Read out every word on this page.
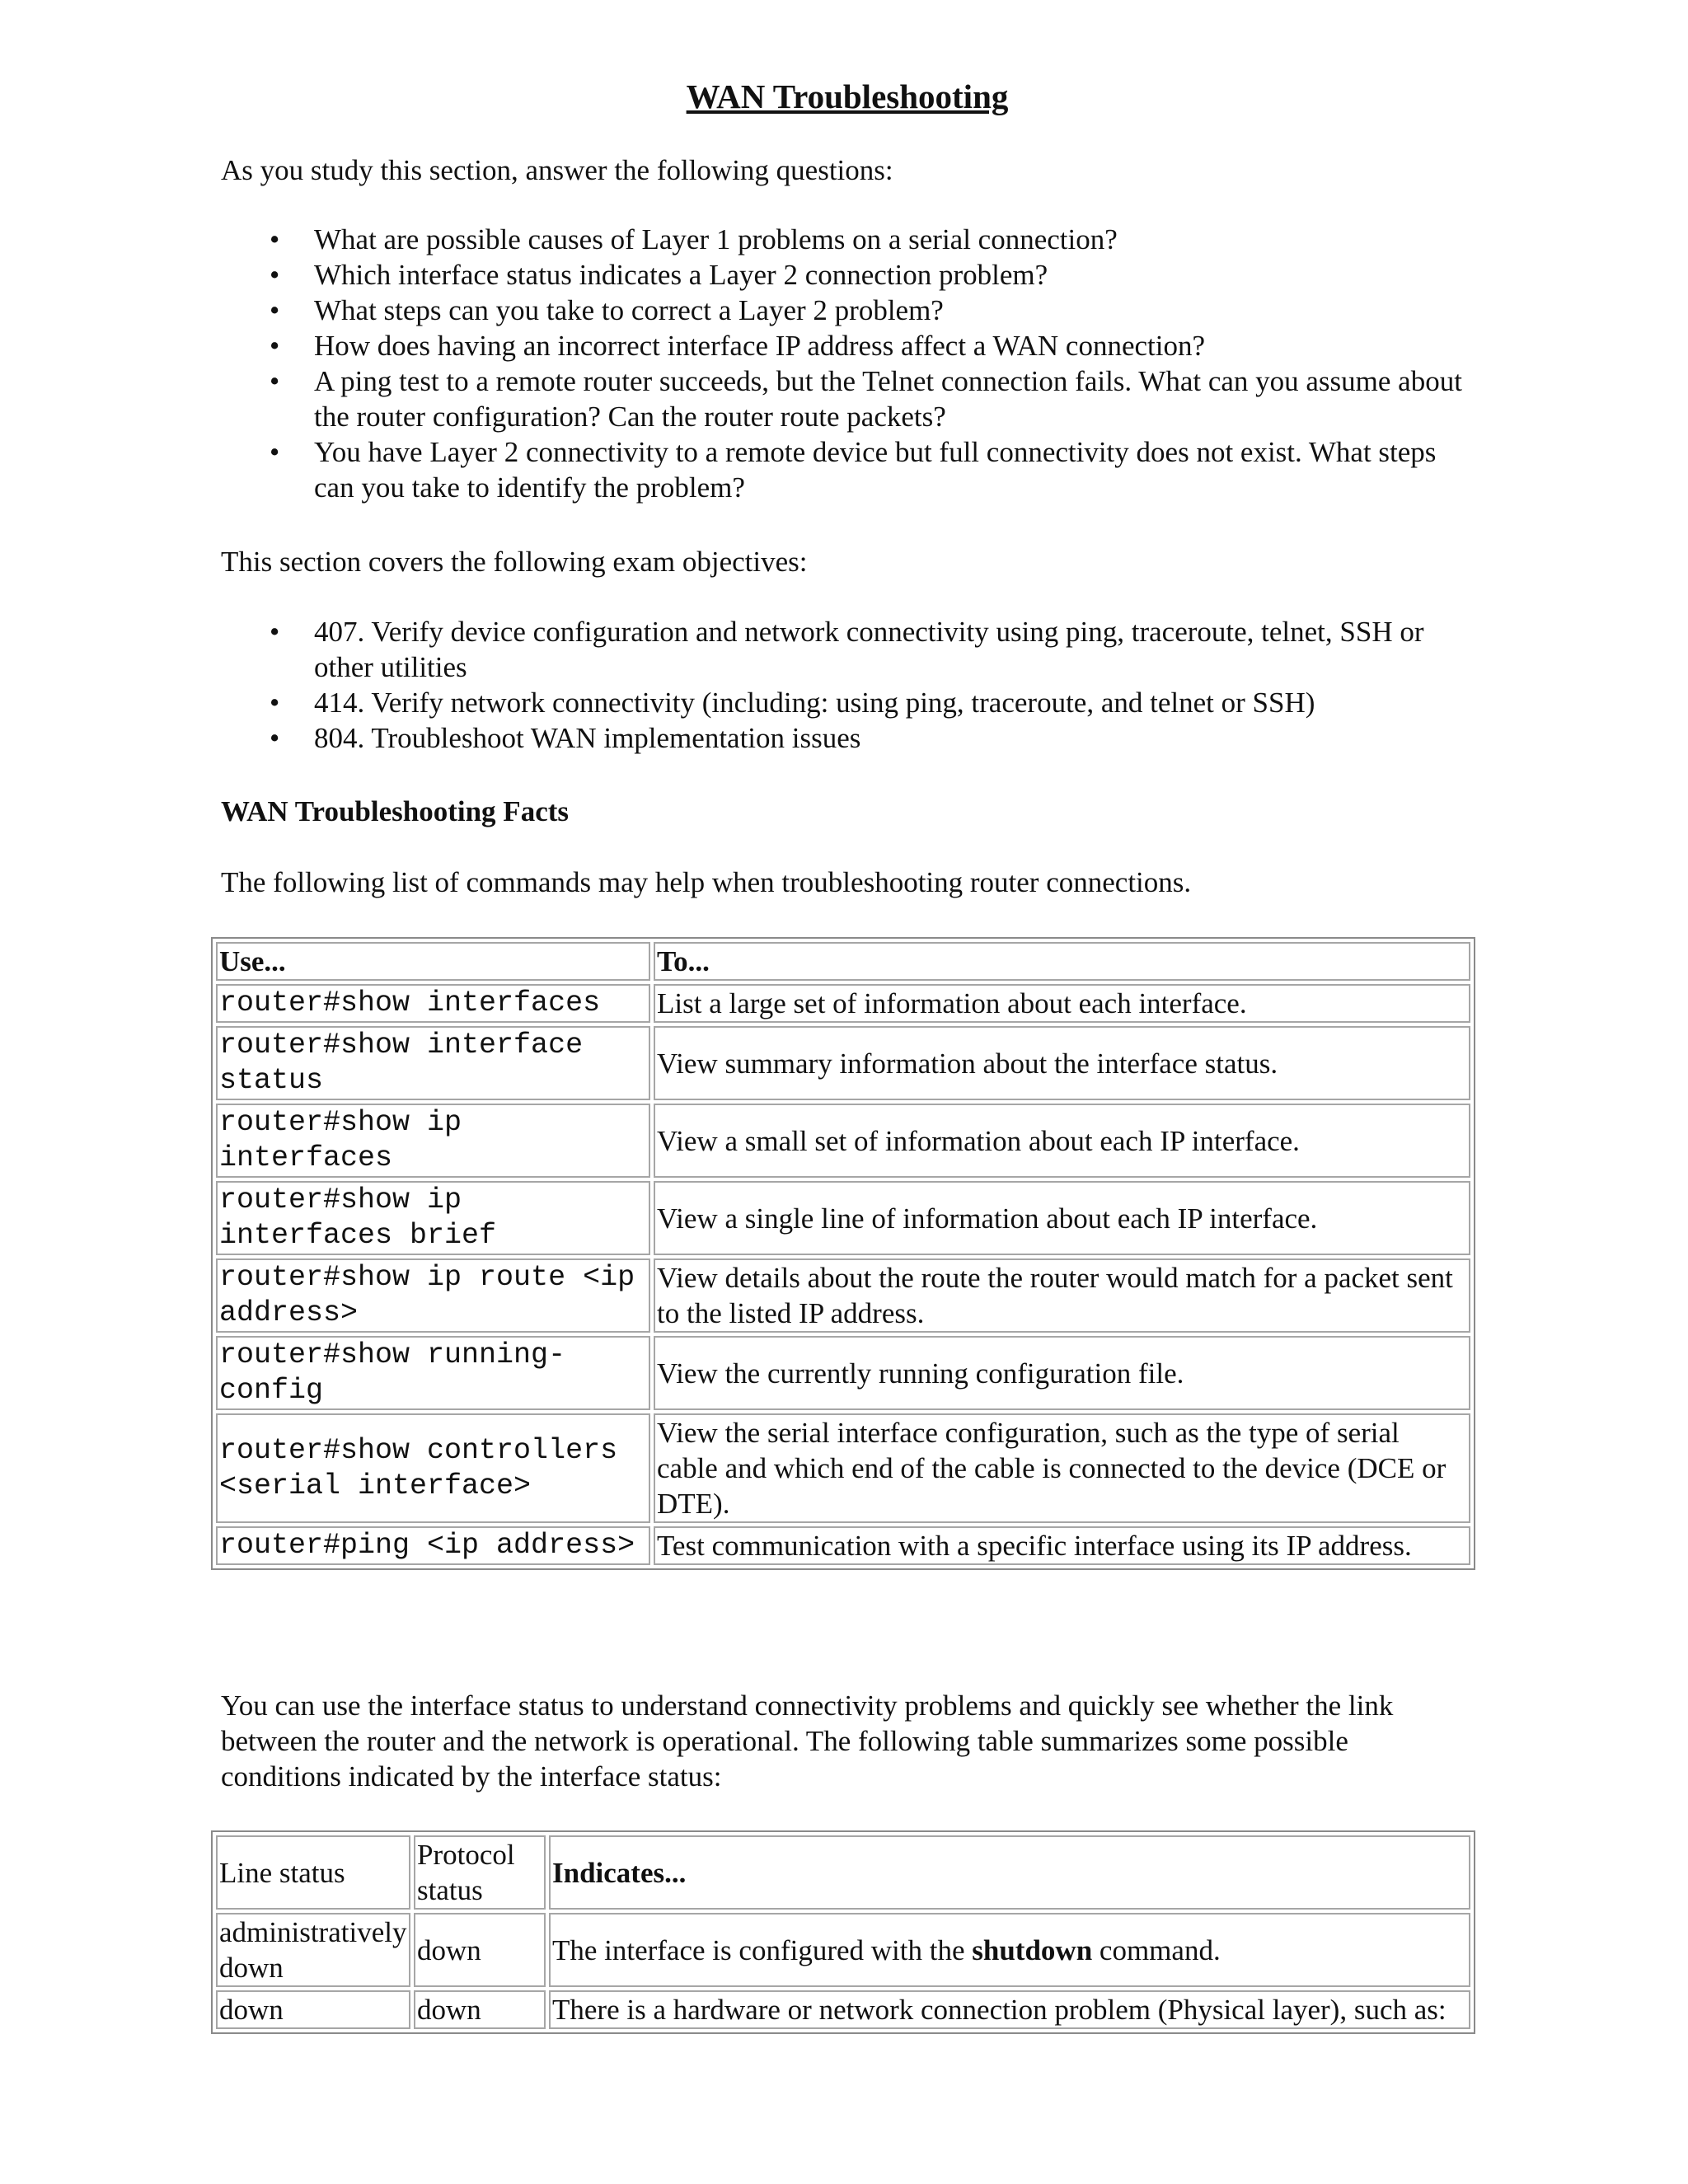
WAN Troubleshooting

As you study this section, answer the following questions:

• What are possible causes of Layer 1 problems on a serial connection?
• Which interface status indicates a Layer 2 connection problem?
• What steps can you take to correct a Layer 2 problem?
• How does having an incorrect interface IP address affect a WAN connection?
• A ping test to a remote router succeeds, but the Telnet connection fails. What can you assume about the router configuration? Can the router route packets?
• You have Layer 2 connectivity to a remote device but full connectivity does not exist. What steps can you take to identify the problem?

This section covers the following exam objectives:

• 407. Verify device configuration and network connectivity using ping, traceroute, telnet, SSH or other utilities
• 414. Verify network connectivity (including: using ping, traceroute, and telnet or SSH)
• 804. Troubleshoot WAN implementation issues
WAN Troubleshooting Facts

The following list of commands may help when troubleshooting router connections.

Use...	To...
router#show interfaces	List a large set of information about each interface.
router#show interface status	View summary information about the interface status.
router#show ip interfaces	View a small set of information about each IP interface.
router#show ip interfaces brief	View a single line of information about each IP interface.
router#show ip route <ip address>	View details about the route the router would match for a packet sent to the listed IP address.
router#show running-config	View the currently running configuration file.
router#show controllers <serial interface>	View the serial interface configuration, such as the type of serial cable and which end of the cable is connected to the device (DCE or DTE).
router#ping <ip address>	Test communication with a specific interface using its IP address.

You can use the interface status to understand connectivity problems and quickly see whether the link between the router and the network is operational. The following table summarizes some possible conditions indicated by the interface status:

Line status	Protocol status	Indicates...
administratively down	down	The interface is configured with the shutdown command.
down	down	There is a hardware or network connection problem (Physical layer), such as:
